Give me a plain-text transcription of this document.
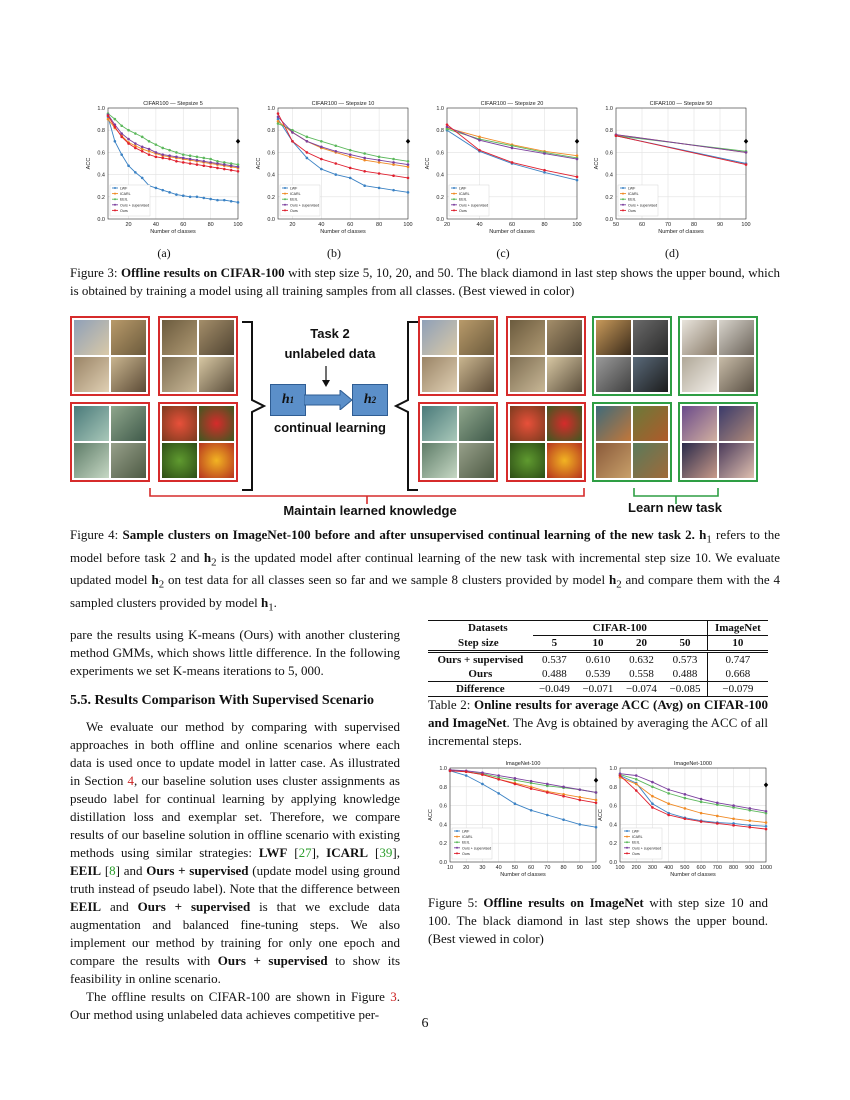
0.0
0.2
0.4
0.6
0.8
1.0
20	40	60	80	100
CIFAR100 — Stepsize 5
Number of classes
ACC
LWF
ICARL
EEIL
Ours + supervised
Ours
0.0
0.2
0.4
0.6
0.8
1.0
20	40	60	80	100
CIFAR100 — Stepsize 10
Number of classes
ACC
LWF
ICARL
EEIL
Ours + supervised
Ours
0.0
0.2
0.4
0.6
0.8
1.0
20	40	60	80	100
CIFAR100 — Stepsize 20
Number of classes
ACC
LWF
ICARL
EEIL
Ours + supervised
Ours
0.0
0.2
0.4
0.6
0.8
1.0
50	60	70	80	90	100
CIFAR100 — Stepsize 50
Number of classes
ACC
LWF
ICARL
EEIL
Ours + supervised
Ours
(a)	(b)	(c)	(d)
Figure 3: Offline results on CIFAR-100 with step size 5, 10, 20, and 50. The black diamond in last step shows the upper bound, which is obtained by training a model using all training samples from all classes. (Best viewed in color)
Task 2
unlabeled data
h 1	h 2
continual learning
Maintain learned knowledge	Learn new task
Figure 4: Sample clusters on ImageNet-100 before and after unsupervised continual learning of the new task 2. $h_1$ refers to the model before task 2 and $h_2$ is the updated model after continual learning of the new task with incremental step size 10. We evaluate updated model $h_2$ on test data for all classes seen so far and we sample 8 clusters provided by model $h_2$ and compare them with the 4 sampled clusters provided by model $h_1$.

pare the results using K-means (Ours) with another clustering method GMMs, which shows little difference. In the following experiments we set K-means iterations to 5, 000.

5.5. Results Comparison With Supervised Scenario

We evaluate our method by comparing with supervised approaches in both offline and online scenarios where each data is used once to update model in latter case. As illustrated in Section 4, our baseline solution uses cluster assignments as pseudo label for continual learning by applying knowledge distillation loss and exemplar set. Therefore, we compare results of our baseline solution in offline scenario with existing methods using similar strategies: LWF [27], ICARL [39], EEIL [8] and Ours + supervised (update model using ground truth instead of pseudo label). Note that the difference between EEIL and Ours + supervised is that we exclude data augmentation and balanced fine-tuning steps. We also implement our method by training for only one epoch and compare the results with Ours + supervised to show its feasibility in online scenario.

The offline results on CIFAR-100 are shown in Figure 3. Our method using unlabeled data achieves competitive per-

Datasets	CIFAR-100				ImageNet
Step size	5	10	20	50	10
Ours + supervised	0.537	0.610	0.632	0.573	0.747
Ours	0.488	0.539	0.558	0.488	0.668
Difference	−0.049	−0.071	−0.074	−0.085	−0.079
Table 2: Online results for average ACC (Avg) on CIFAR-100 and ImageNet. The Avg is obtained by averaging the ACC of all incremental steps.
0.0
0.2
0.4
0.6
0.8
1.0
10 20 30 40 50 60 70 80 90 100
ImageNet-100
Number of classes
ACC
LWF
ICARL
EEIL
Ours + supervised
Ours
0.0
0.2
0.4
0.6
0.8
1.0
100 200 300 400 500 600 700 800 900 1000
ImageNet-1000
Number of classes
ACC
LWF
ICARL
EEIL
Ours + supervised
Ours
Figure 5: Offline results on ImageNet with step size 10 and 100. The black diamond in last step shows the upper bound. (Best viewed in color)
6
